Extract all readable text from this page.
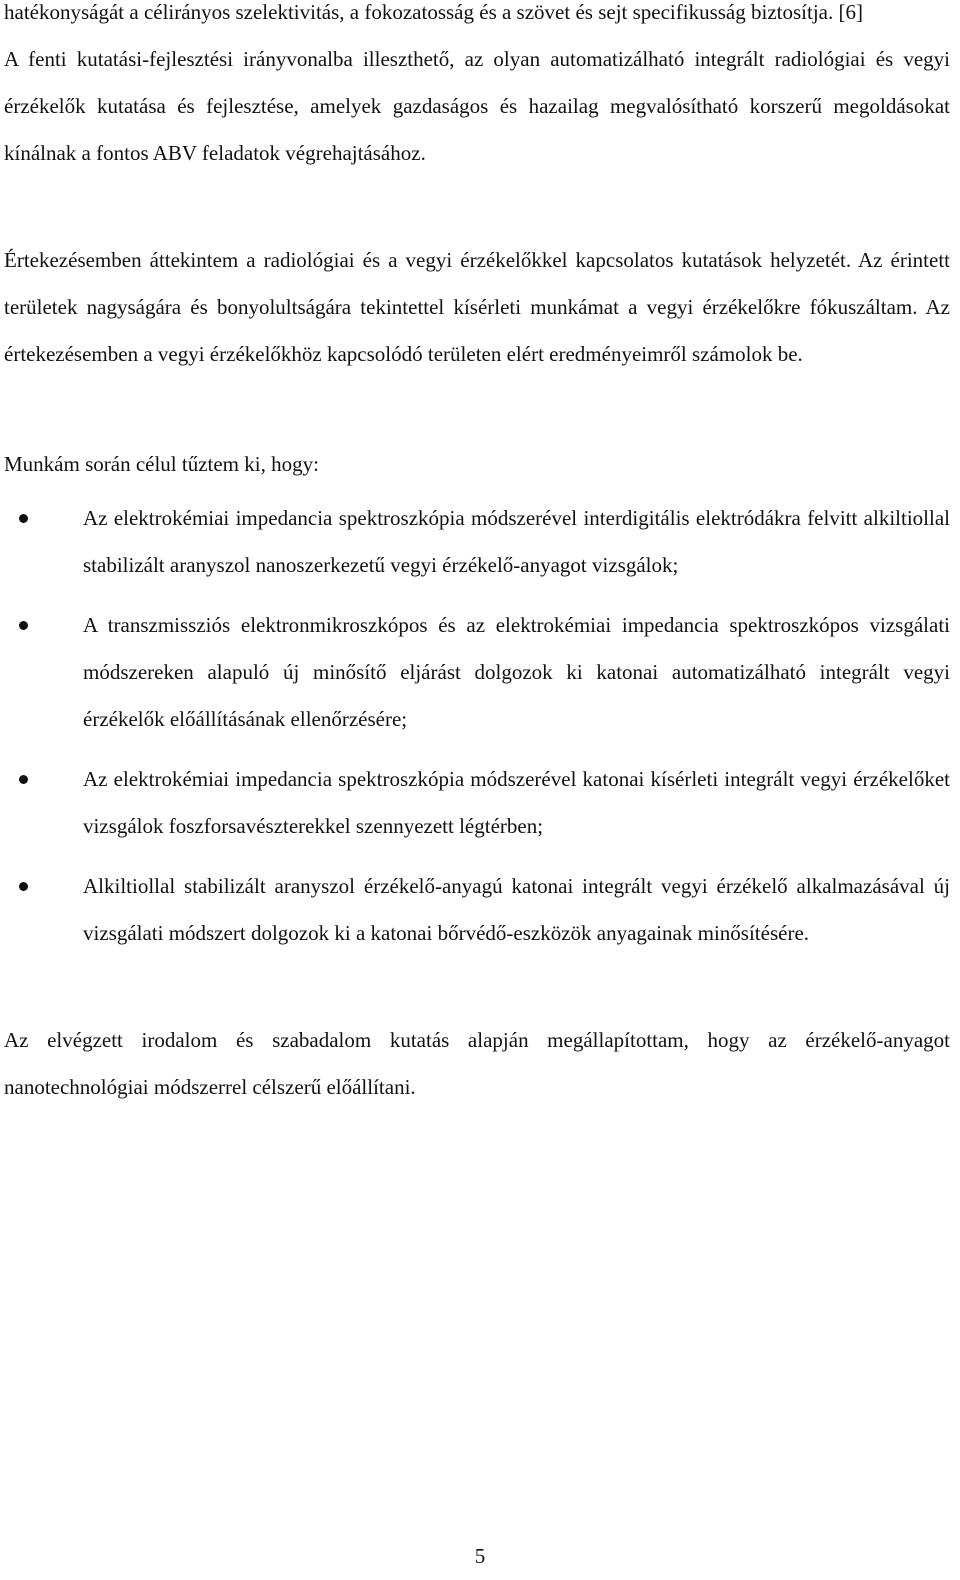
hatékonyságát a célirányos szelektivitás, a fokozatosság és a szövet és sejt specifikusság biztosítja. [6]

A fenti kutatási-fejlesztési irányvonalba illeszthető, az olyan automatizálható integrált radiológiai és vegyi érzékelők kutatása és fejlesztése, amelyek gazdaságos és hazailag megvalósítható korszerű megoldásokat kínálnak a fontos ABV feladatok végrehajtásához.

Értekezésemben áttekintem a radiológiai és a vegyi érzékelőkkel kapcsolatos kutatások helyzetét. Az érintett területek nagyságára és bonyolultságára tekintettel kísérleti munkámat a vegyi érzékelőkre fókuszáltam. Az értekezésemben a vegyi érzékelőkhöz kapcsolódó területen elért eredményeimről számolok be.

Munkám során célul tűztem ki, hogy:

Az elektrokémiai impedancia spektroszkópia módszerével interdigitális elektródákra felvitt alkiltiollal stabilizált aranyszol nanoszerkezetű vegyi érzékelő-anyagot vizsgálok;
A transzmissziós elektronmikroszkópos és az elektrokémiai impedancia spektroszkópos vizsgálati módszereken alapuló új minősítő eljárást dolgozok ki katonai automatizálható integrált vegyi érzékelők előállításának ellenőrzésére;
Az elektrokémiai impedancia spektroszkópia módszerével katonai kísérleti integrált vegyi érzékelőket vizsgálok foszforsavészterekkel szennyezett légtérben;
Alkiltiollal stabilizált aranyszol érzékelő-anyagú katonai integrált vegyi érzékelő alkalmazásával új vizsgálati módszert dolgozok ki a katonai bőrvédő-eszközök anyagainak minősítésére.

Az elvégzett irodalom és szabadalom kutatás alapján megállapítottam, hogy az érzékelő-anyagot nanotechnológiai módszerrel célszerű előállítani.

5
